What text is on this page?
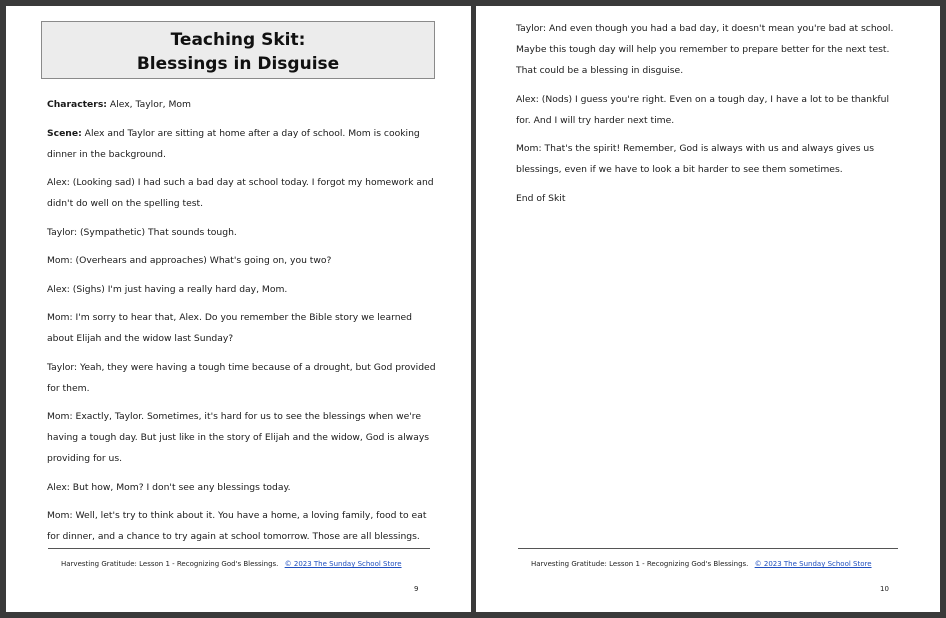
Teaching Skit:
Blessings in Disguise

Characters: Alex, Taylor, Mom

Scene: Alex and Taylor are sitting at home after a day of school. Mom is cooking dinner in the background.

Alex: (Looking sad) I had such a bad day at school today. I forgot my homework and didn't do well on the spelling test.

Taylor: (Sympathetic) That sounds tough.

Mom: (Overhears and approaches) What's going on, you two?

Alex: (Sighs) I'm just having a really hard day, Mom.

Mom: I'm sorry to hear that, Alex. Do you remember the Bible story we learned about Elijah and the widow last Sunday?

Taylor: Yeah, they were having a tough time because of a drought, but God provided for them.

Mom: Exactly, Taylor. Sometimes, it's hard for us to see the blessings when we're having a tough day. But just like in the story of Elijah and the widow, God is always providing for us.

Alex: But how, Mom? I don't see any blessings today.

Mom: Well, let's try to think about it. You have a home, a loving family, food to eat for dinner, and a chance to try again at school tomorrow. Those are all blessings.

Harvesting Gratitude: Lesson 1 - Recognizing God's Blessings. © 2023 The Sunday School Store
9

Taylor: And even though you had a bad day, it doesn't mean you're bad at school. Maybe this tough day will help you remember to prepare better for the next test. That could be a blessing in disguise.

Alex: (Nods) I guess you're right. Even on a tough day, I have a lot to be thankful for. And I will try harder next time.

Mom: That's the spirit! Remember, God is always with us and always gives us blessings, even if we have to look a bit harder to see them sometimes.

End of Skit

Harvesting Gratitude: Lesson 1 - Recognizing God's Blessings. © 2023 The Sunday School Store
10
